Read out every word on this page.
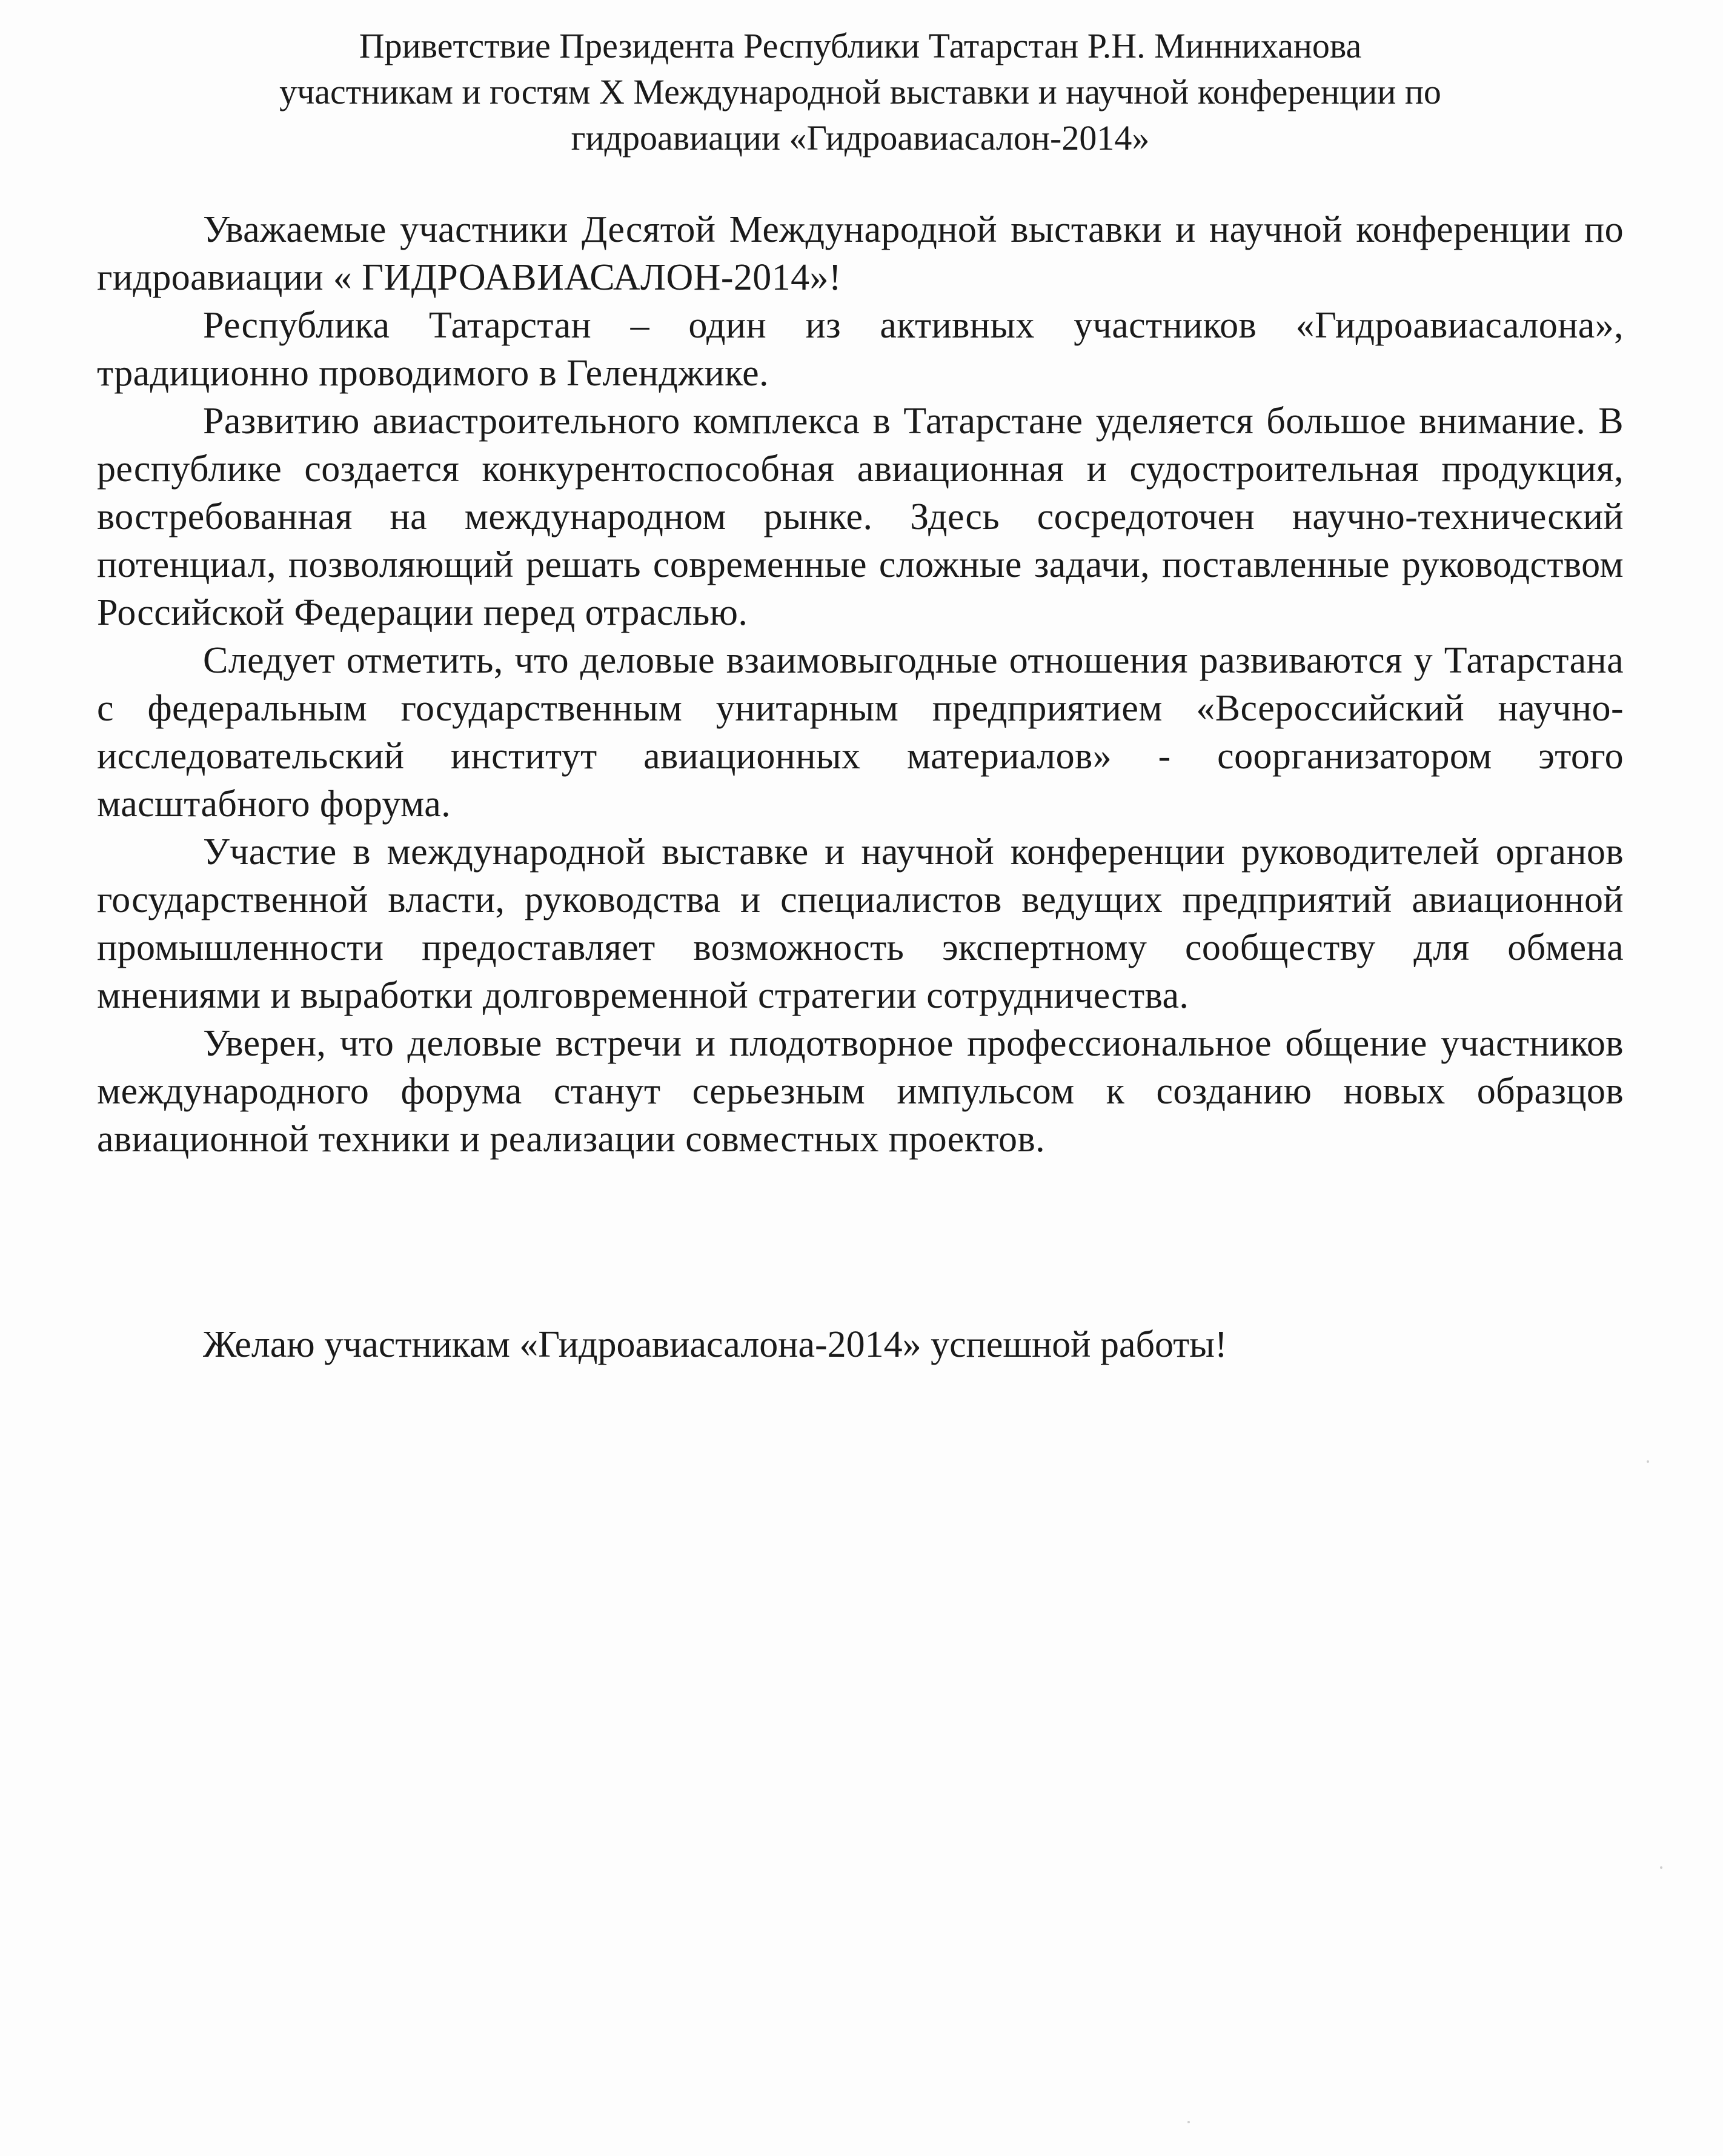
Приветствие Президента Республики Татарстан Р.Н. Минниханова
участникам и гостям X Международной выставки и научной конференции по
гидроавиации «Гидроавиасалон-2014»

Уважаемые участники Десятой Международной выставки и научной конференции по гидроавиации « ГИДРОАВИАСАЛОН-2014»!

Республика Татарстан – один из активных участников «Гидроавиасалона», традиционно проводимого в Геленджике.

Развитию авиастроительного комплекса в Татарстане уделяется большое внимание. В республике создается конкурентоспособная авиационная и судостроительная продукция, востребованная на международном рынке. Здесь сосредоточен научно-технический потенциал, позволяющий решать современные сложные задачи, поставленные руководством Российской Федерации перед отраслью.

Следует отметить, что деловые взаимовыгодные отношения развиваются у Татарстана с федеральным государственным унитарным предприятием «Всероссийский научно-исследовательский институт авиационных материалов» - соорганизатором этого масштабного форума.

Участие в международной выставке и научной конференции руководителей органов государственной власти, руководства и специалистов ведущих предприятий авиационной промышленности предоставляет возможность экспертному сообществу для обмена мнениями и выработки долговременной стратегии сотрудничества.

Уверен, что деловые встречи и плодотворное профессиональное общение участников международного форума станут серьезным импульсом к созданию новых образцов авиационной техники и реализации совместных проектов.

Желаю участникам «Гидроавиасалона-2014» успешной работы!
